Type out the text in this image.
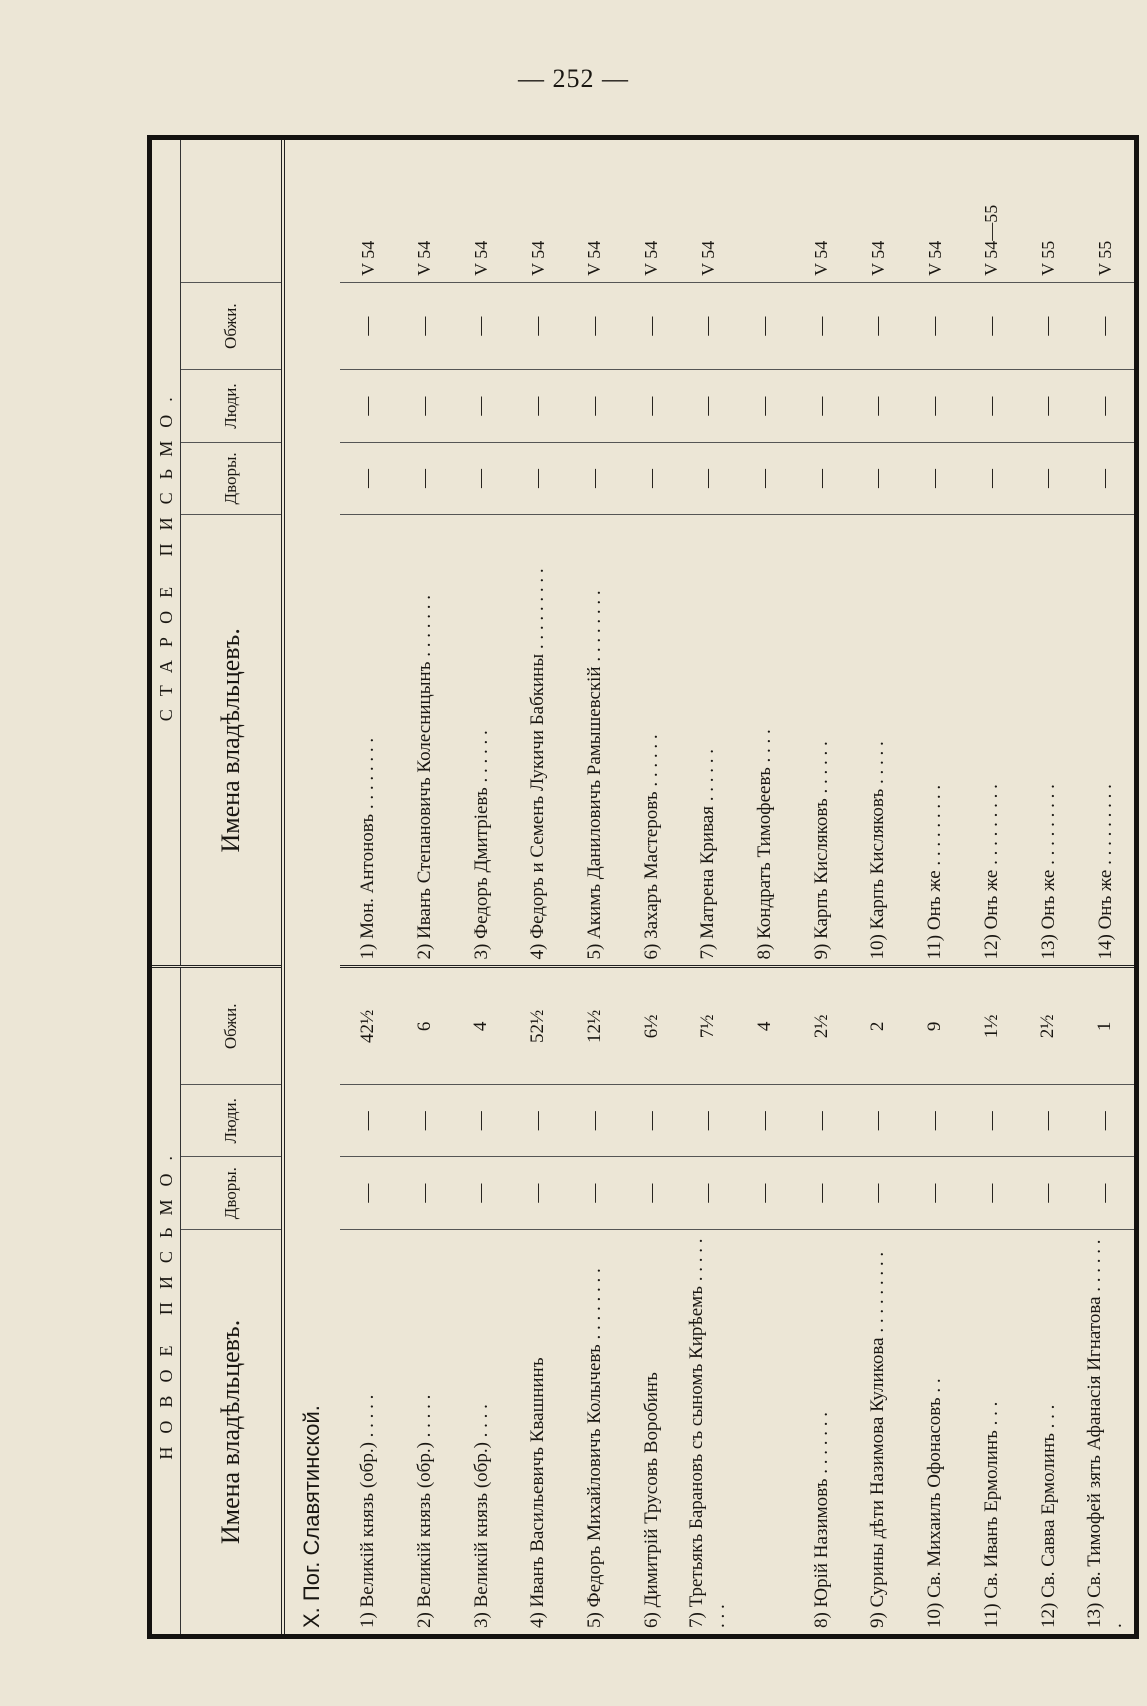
— 252 —
НОВОЕ ПИСЬМО.				СТАРОЕ ПИСЬМО.				
Имена владѣльцевъ.	Дворы.	Люди.	Обжи.	Имена владѣльцевъ.	Дворы.	Люди.	Обжи.	
X. Пог. Славятинской.								
1) Великій князь (обр.) . . . . .	—	—	42½	1) Мон. Антоновъ . . . . . . . .	—	—	—	V 54
2) Великій князь (обр.) . . . . .	—	—	6	2) Иванъ Степановичъ Колесницынъ . . . . . . .	—	—	—	V 54
3) Великій князь (обр.) . . . .	—	—	4	3) Федоръ Дмитріевъ . . . . . .	—	—	—	V 54
4) Иванъ Васильевичъ Квашнинъ	—	—	52½	4) Федоръ и Семенъ Лукичи Бабкины . . . . . . . . .	—	—	—	V 54
5) Федоръ Михайловичъ Колычевъ . . . . . . . .	—	—	12½	5) Акимъ Даниловичъ Рамышевскій . . . . . . . .	—	—	—	V 54
6) Димитрій Трусовъ Воробинъ	—	—	6½	6) Захаръ Мастеровъ . . . . . .	—	—	—	V 54
7) Третьякъ Барановъ съ сыномъ Кирѣемъ . . . . . . . .	—	—	7½	7) Матрена Кривая . . . . . .	—	—	—	V 54
	—	—	4	8) Кондратъ Тимофеевъ . . . .	—	—	—	
8) Юрій Назимовъ . . . . . . .	—	—	2½	9) Карпъ Кисляковъ . . . . . .	—	—	—	V 54
9) Сурины дѣти Назимова Куликова . . . . . . . . .	—	—	2	10) Карпъ Кисляковъ . . . . .	—	—	—	V 54
10) Св. Михаилъ Офонасовъ . .	—	—	9	11) Онъ же . . . . . . . . .	—	—	—	V 54
11) Св. Иванъ Ермолинъ . . .	—	—	1½	12) Онъ же . . . . . . . . .	—	—	—	V 54—55
12) Св. Савва Ермолинъ . . .	—	—	2½	13) Онъ же . . . . . . . . .	—	—	—	V 55
13) Св. Тимофей зять Афанасія Игнатова . . . . . . .	—	—	1	14) Онъ же . . . . . . . . .	—	—	—	V 55
